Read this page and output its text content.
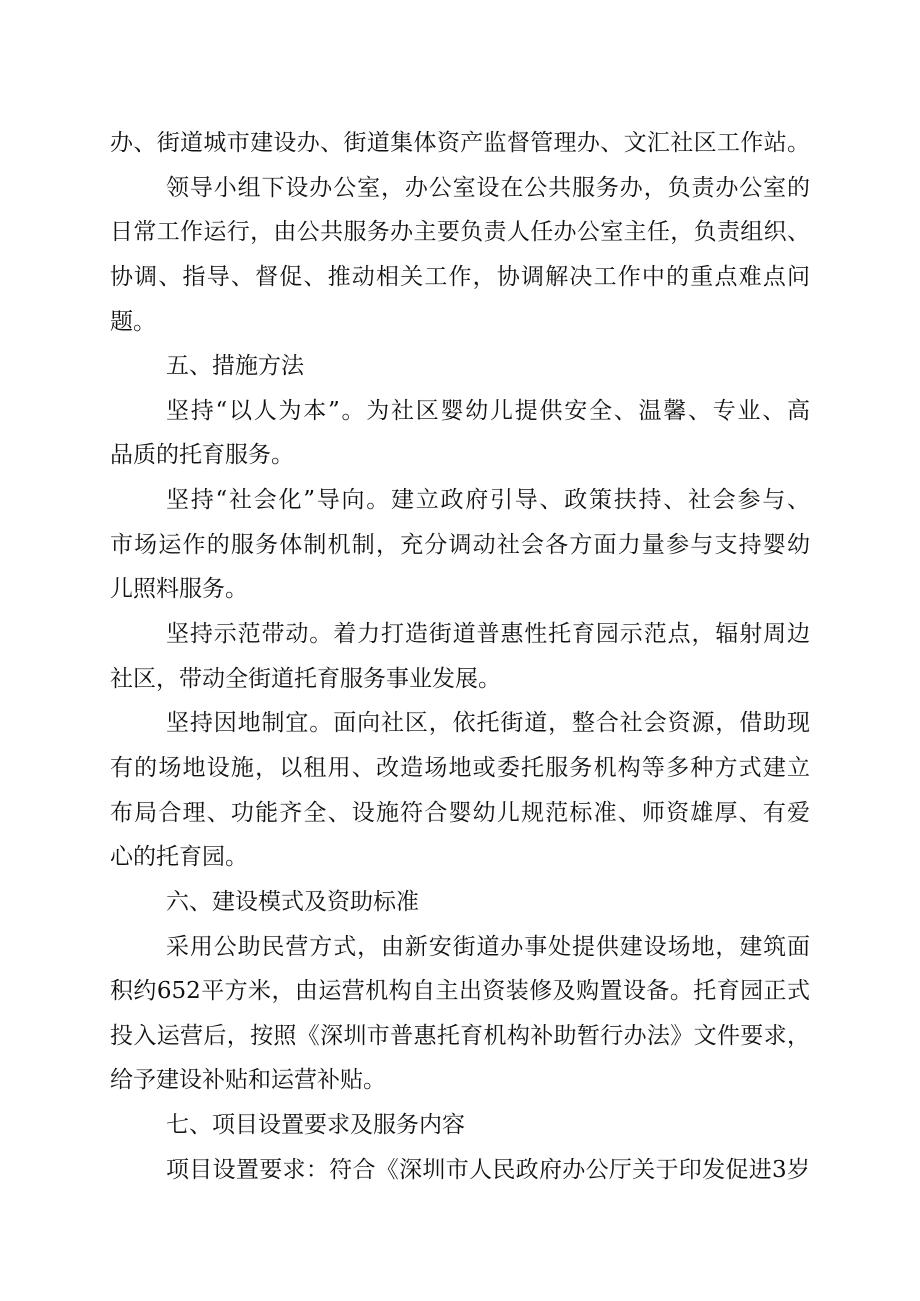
办、街道城市建设办、街道集体资产监督管理办、文汇社区工作站。
领导小组下设办公室，办公室设在公共服务办，负责办公室的
日常工作运行，由公共服务办主要负责人任办公室主任，负责组织、
协调、指导、督促、推动相关工作，协调解决工作中的重点难点问
题。
五、措施方法
坚持“以人为本”。为社区婴幼儿提供安全、温馨、专业、高
品质的托育服务。
坚持“社会化”导向。建立政府引导、政策扶持、社会参与、
市场运作的服务体制机制，充分调动社会各方面力量参与支持婴幼
儿照料服务。
坚持示范带动。着力打造街道普惠性托育园示范点，辐射周边
社区，带动全街道托育服务事业发展。
坚持因地制宜。面向社区，依托街道，整合社会资源，借助现
有的场地设施，以租用、改造场地或委托服务机构等多种方式建立
布局合理、功能齐全、设施符合婴幼儿规范标准、师资雄厚、有爱
心的托育园。
六、建设模式及资助标准
采用公助民营方式，由新安街道办事处提供建设场地，建筑面
积约652平方米，由运营机构自主出资装修及购置设备。托育园正式
投入运营后，按照《深圳市普惠托育机构补助暂行办法》文件要求，
给予建设补贴和运营补贴。
七、项目设置要求及服务内容
项目设置要求：符合《深圳市人民政府办公厅关于印发促进3岁
